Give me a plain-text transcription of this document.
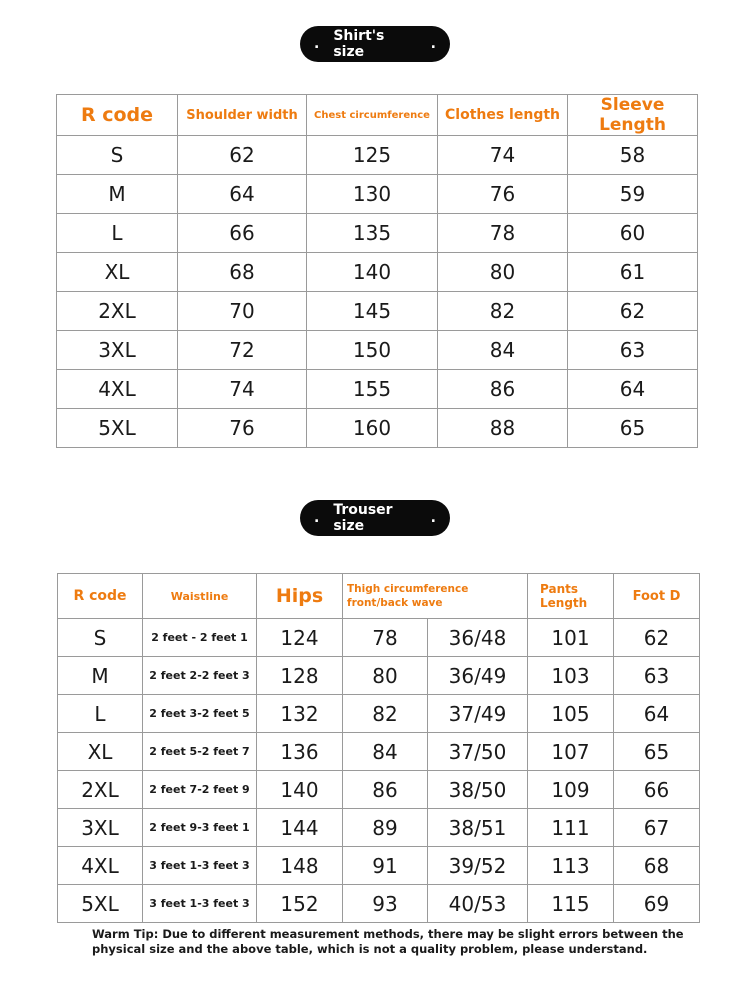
. Shirt's size	.
R code	Shoulder width	Chest circumference	Clothes length	Sleeve Length
S	62	125	74	58
M	64	130	76	59
L	66	135	78	60
XL	68	140	80	61
2XL	70	145	82	62
3XL	72	150	84	63
4XL	74	155	86	64
5XL	76	160	88	65
. Trouser size	.
R code	Waistline	Hips	Thigh circumference front/back wave		Pants Length	Foot D
S	2 feet - 2 feet 1	124	78	36/48	101	62
M	2 feet 2-2 feet 3	128	80	36/49	103	63
L	2 feet 3-2 feet 5	132	82	37/49	105	64
XL	2 feet 5-2 feet 7	136	84	37/50	107	65
2XL	2 feet 7-2 feet 9	140	86	38/50	109	66
3XL	2 feet 9-3 feet 1	144	89	38/51	111	67
4XL	3 feet 1-3 feet 3	148	91	39/52	113	68
5XL	3 feet 1-3 feet 3	152	93	40/53	115	69
Warm Tip: Due to different measurement methods, there may be slight errors between the physical size and the above table, which is not a quality problem, please understand.
